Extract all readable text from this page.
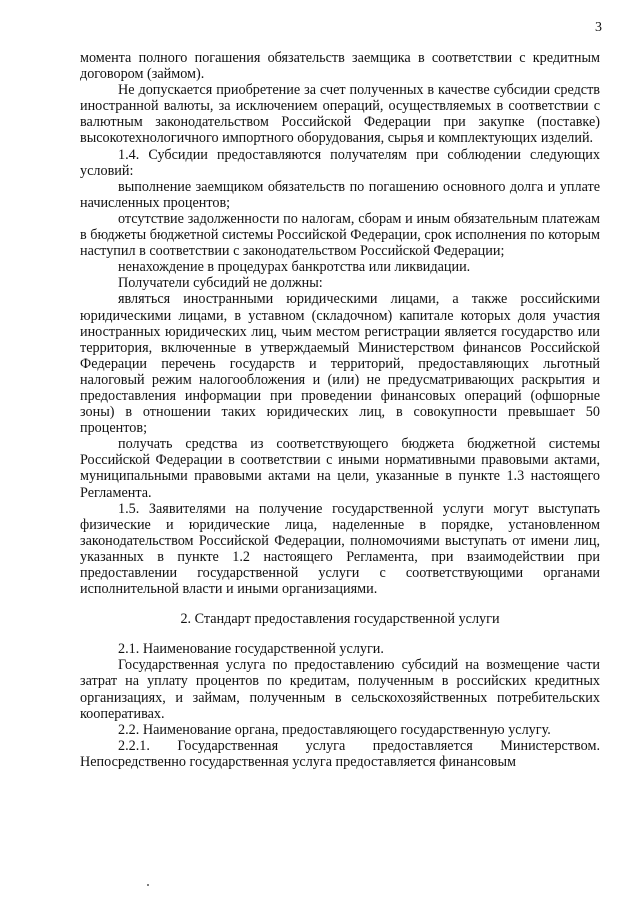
3

момента полного погашения обязательств заемщика в соответствии с кредитным договором (займом).

Не допускается приобретение за счет полученных в качестве субсидии средств иностранной валюты, за исключением операций, осуществляемых в соответствии с валютным законодательством Российской Федерации при закупке (поставке) высокотехнологичного импортного оборудования, сырья и комплектующих изделий.

1.4. Субсидии предоставляются получателям при соблюдении следующих условий:

выполнение заемщиком обязательств по погашению основного долга и уплате начисленных процентов;

отсутствие задолженности по налогам, сборам и иным обязательным платежам в бюджеты бюджетной системы Российской Федерации, срок исполнения по которым наступил в соответствии с законодательством Российской Федерации;

ненахождение в процедурах банкротства или ликвидации.

Получатели субсидий не должны:

являться иностранными юридическими лицами, а также российскими юридическими лицами, в уставном (складочном) капитале которых доля участия иностранных юридических лиц, чьим местом регистрации является государство или территория, включенные в утверждаемый Министерством финансов Российской Федерации перечень государств и территорий, предоставляющих льготный налоговый режим налогообложения и (или) не предусматривающих раскрытия и предоставления информации при проведении финансовых операций (офшорные зоны) в отношении таких юридических лиц, в совокупности превышает 50 процентов;

получать средства из соответствующего бюджета бюджетной системы Российской Федерации в соответствии с иными нормативными правовыми актами, муниципальными правовыми актами на цели, указанные в пункте 1.3 настоящего Регламента.

1.5. Заявителями на получение государственной услуги могут выступать физические и юридические лица, наделенные в порядке, установленном законодательством Российской Федерации, полномочиями выступать от имени лиц, указанных в пункте 1.2 настоящего Регламента, при взаимодействии при предоставлении государственной услуги с соответствующими органами исполнительной власти и иными организациями.

2. Стандарт предоставления государственной услуги

2.1. Наименование государственной услуги.

Государственная услуга по предоставлению субсидий на возмещение части затрат на уплату процентов по кредитам, полученным в российских кредитных организациях, и займам, полученным в сельскохозяйственных потребительских кооперативах.

2.2. Наименование органа, предоставляющего государственную услугу.

2.2.1. Государственная услуга предоставляется Министерством. Непосредственно государственная услуга предоставляется финансовым
